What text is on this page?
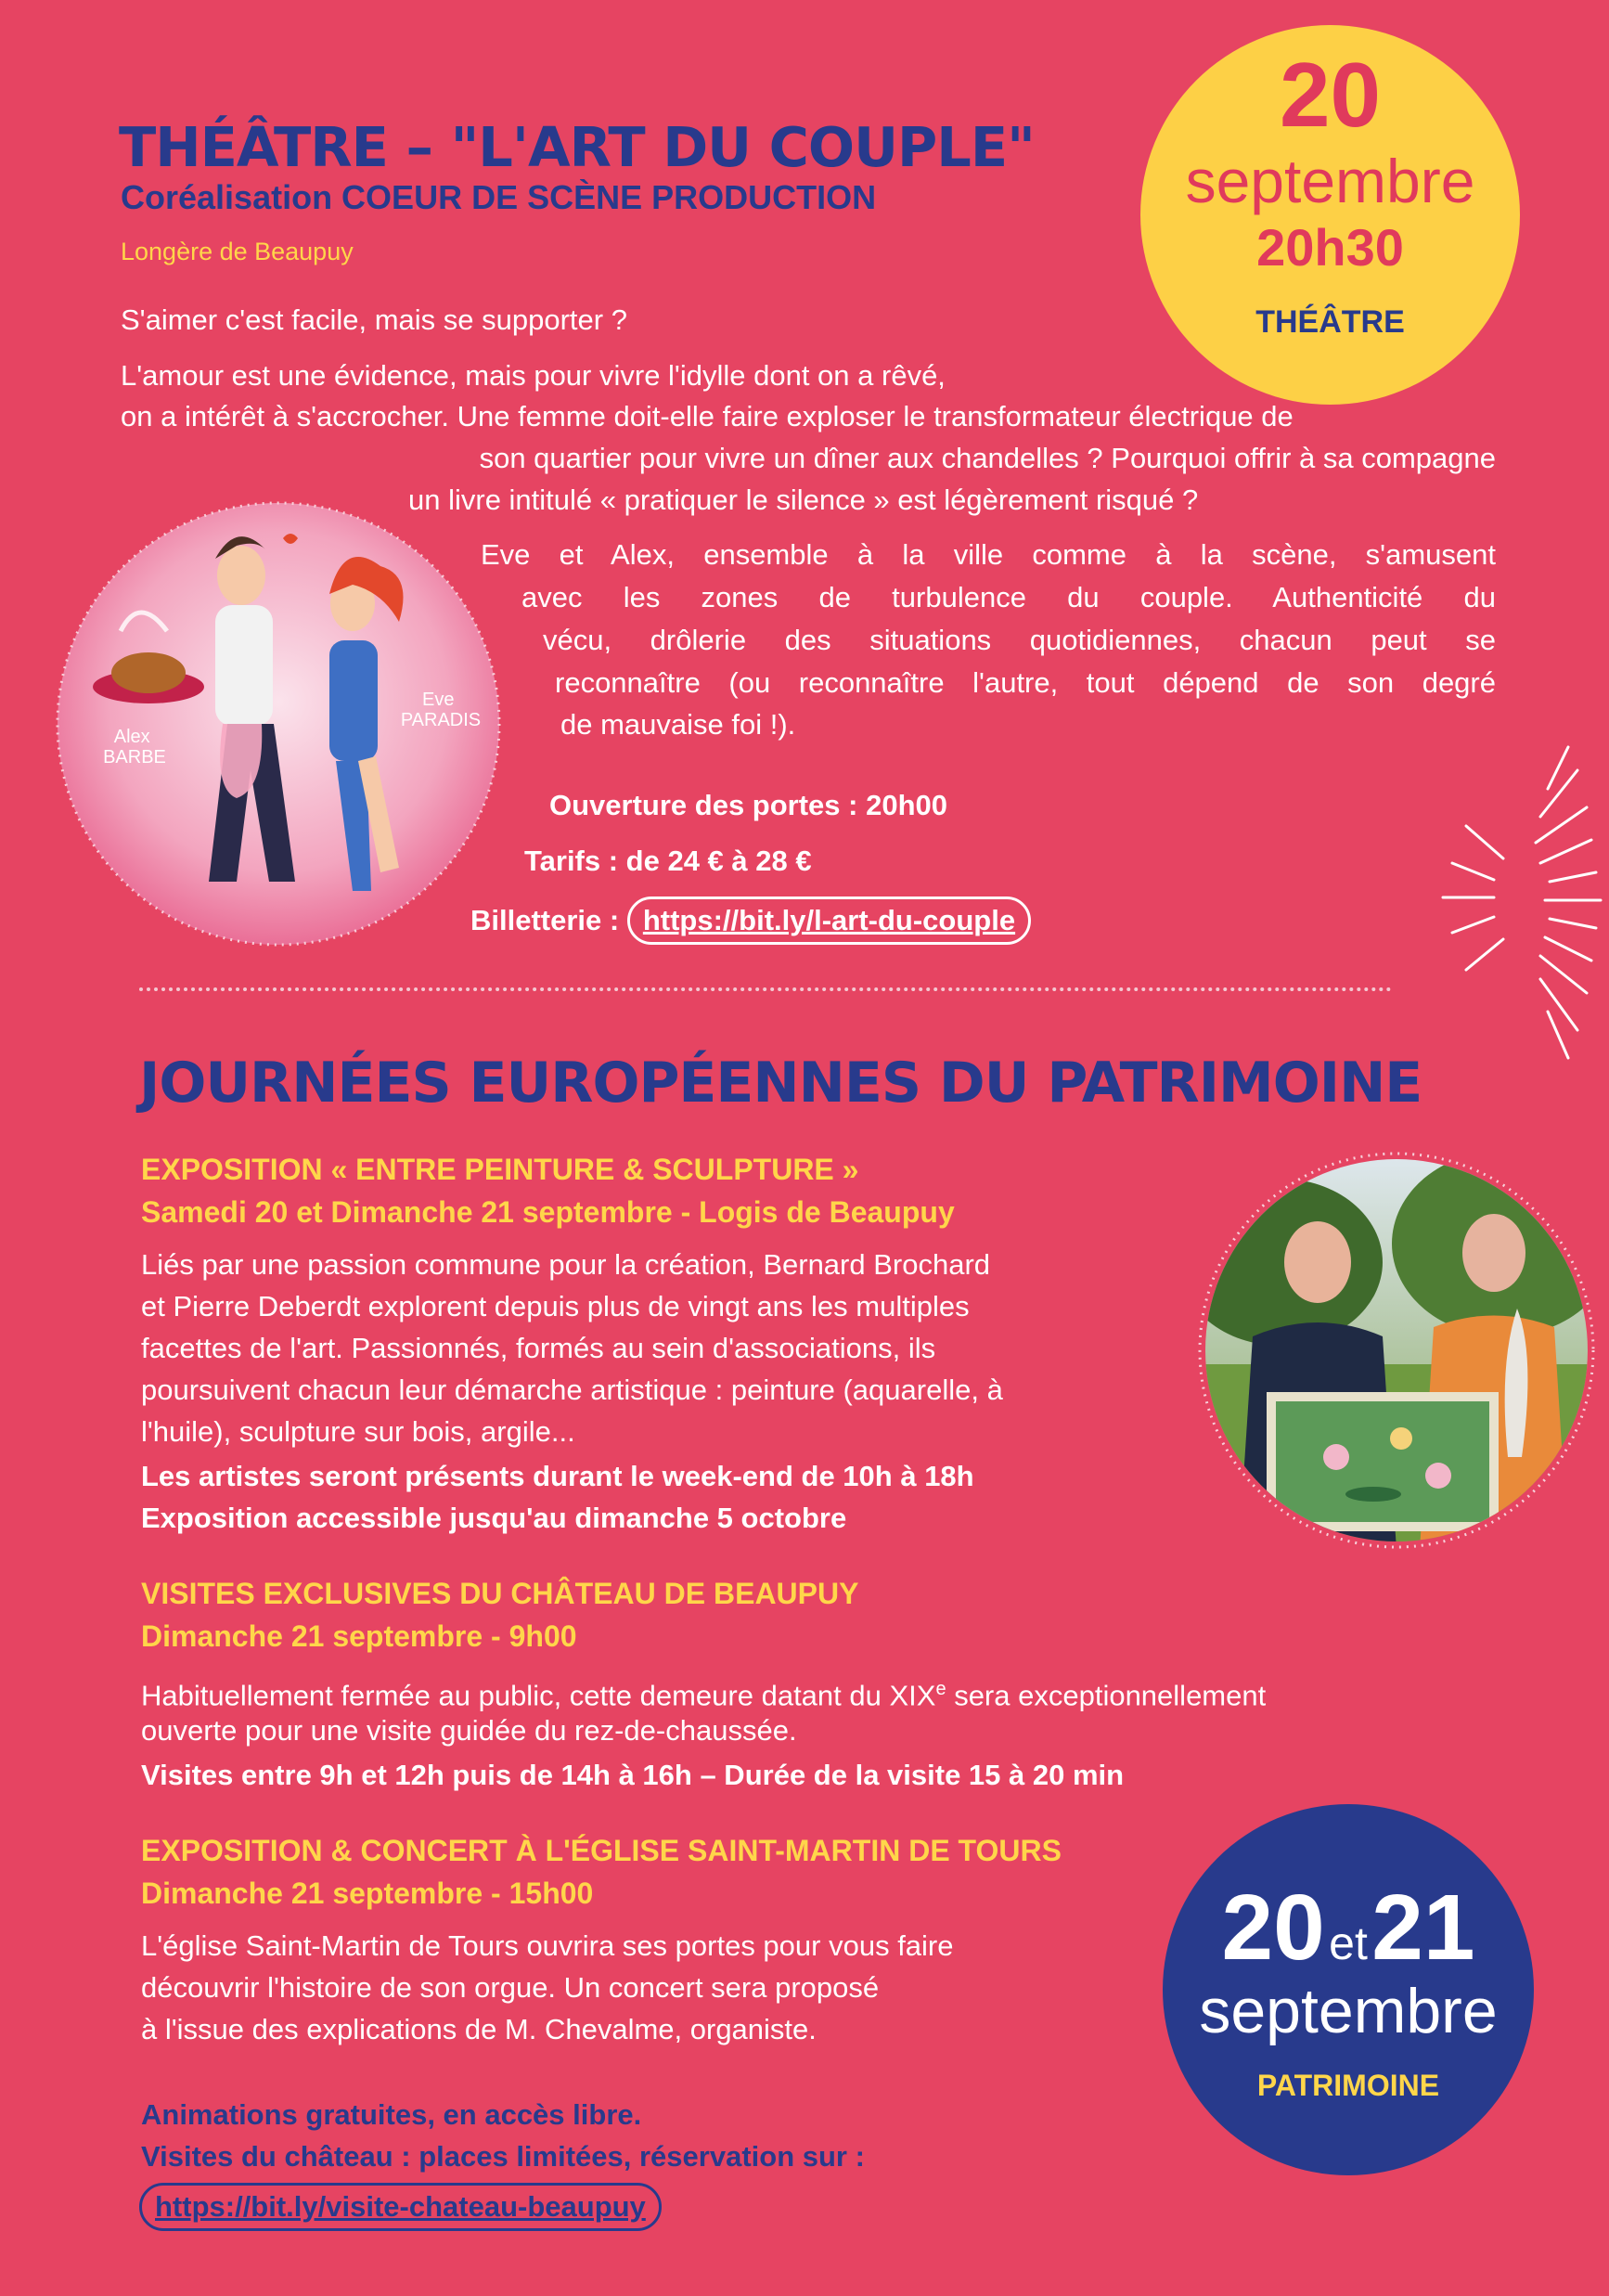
THÉÂTRE – "L'ART DU COUPLE"
Coréalisation COEUR DE SCÈNE PRODUCTION
Longère de Beaupuy
S'aimer c'est facile, mais se supporter ?
L'amour est une évidence, mais pour vivre l'idylle dont on a rêvé,
on a intérêt à s'accrocher. Une femme doit-elle faire exploser le transformateur électrique de
son quartier pour vivre un dîner aux chandelles ? Pourquoi offrir à sa compagne
un livre intitulé « pratiquer le silence » est légèrement risqué ?
Eve et Alex, ensemble à la ville comme à la scène, s'amusent
avec les zones de turbulence du couple. Authenticité du
vécu, drôlerie des situations quotidiennes, chacun peut se
reconnaître (ou reconnaître l'autre, tout dépend de son degré
de mauvaise foi !).
Ouverture des portes : 20h00
Tarifs : de 24 € à 28 €
Billetterie : https://bit.ly/l-art-du-couple
Alex BARBE
Eve PARADIS
20
septembre
20h30
THÉÂTRE
JOURNÉES EUROPÉENNES DU PATRIMOINE
EXPOSITION « ENTRE PEINTURE & SCULPTURE »
Samedi 20 et Dimanche 21 septembre - Logis de Beaupuy
Liés par une passion commune pour la création, Bernard Brochard
et Pierre Deberdt explorent depuis plus de vingt ans les multiples
facettes de l'art. Passionnés, formés au sein d'associations, ils
poursuivent chacun leur démarche artistique : peinture (aquarelle, à
l'huile), sculpture sur bois, argile...
Les artistes seront présents durant le week-end de 10h à 18h
Exposition accessible jusqu'au dimanche 5 octobre
VISITES EXCLUSIVES DU CHÂTEAU DE BEAUPUY
Dimanche 21 septembre - 9h00
Habituellement fermée au public, cette demeure datant du XIXe sera exceptionnellement
ouverte pour une visite guidée du rez-de-chaussée.
Visites entre 9h et 12h puis de 14h à 16h – Durée de la visite 15 à 20 min
EXPOSITION & CONCERT À L'ÉGLISE SAINT-MARTIN DE TOURS
Dimanche 21 septembre - 15h00
L'église Saint-Martin de Tours ouvrira ses portes pour vous faire
découvrir l'histoire de son orgue. Un concert sera proposé
à l'issue des explications de M. Chevalme, organiste.
Animations gratuites, en accès libre.
Visites du château : places limitées, réservation sur :
https://bit.ly/visite-chateau-beaupuy
20 et 21
septembre
PATRIMOINE
